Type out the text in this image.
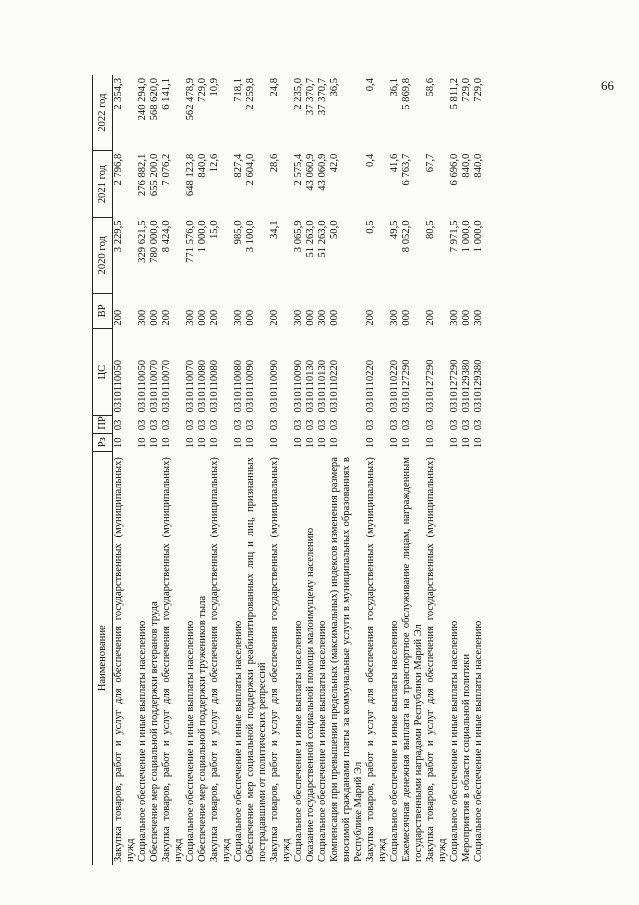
66
Наименование	Рз	ПР	ЦС	ВР	2020 год	2021 год	2022 год
Закупка товаров, работ и услуг для обеспечения государственных (муниципальных) нужд	10	03	0310110050	200	3 229,5	2 796,8	2 354,3
Социальное обеспечение и иные выплаты населению	10	03	0310110050	300	329 621,5	276 882,1	240 294,0
Обеспечение мер социальной поддержки ветеранов труда	10	03	0310110070	000	780 000,0	655 200,0	568 620,0
Закупка товаров, работ и услуг для обеспечения государственных (муниципальных) нужд	10	03	0310110070	200	8 424,0	7 076,2	6 141,1
Социальное обеспечение и иные выплаты населению	10	03	0310110070	300	771 576,0	648 123,8	562 478,9
Обеспечение мер социальной поддержки тружеников тыла	10	03	0310110080	000	1 000,0	840,0	729,0
Закупка товаров, работ и услуг для обеспечения государственных (муниципальных) нужд	10	03	0310110080	200	15,0	12,6	10,9
Социальное обеспечение и иные выплаты населению	10	03	0310110080	300	985,0	827,4	718,1
Обеспечение мер социальной поддержки реабилитированных лиц и лиц, признанных пострадавшими от политических репрессий	10	03	0310110090	000	3 100,0	2 604,0	2 259,8
Закупка товаров, работ и услуг для обеспечения государственных (муниципальных) нужд	10	03	0310110090	200	34,1	28,6	24,8
Социальное обеспечение и иные выплаты населению	10	03	0310110090	300	3 065,9	2 575,4	2 235,0
Оказание государственной социальной помощи малоимущему населению	10	03	0310110130	000	51 263,0	43 060,9	37 370,7
Социальное обеспечение и иные выплаты населению	10	03	0310110130	300	51 263,0	43 060,9	37 370,7
Компенсация при превышении предельных (максимальных) индексов изменения размера вносимой гражданами платы за коммунальные услуги в муниципальных образованиях в Республике Марий Эл	10	03	0310110220	000	50,0	42,0	36,5
Закупка товаров, работ и услуг для обеспечения государственных (муниципальных) нужд	10	03	0310110220	200	0,5	0,4	0,4
Социальное обеспечение и иные выплаты населению	10	03	0310110220	300	49,5	41,6	36,1
Ежемесячная денежная выплата на транспортное обслуживание лицам, награжденным государственными наградами Республики Марий Эл	10	03	0310127290	000	8 052,0	6 763,7	5 869,8
Закупка товаров, работ и услуг для обеспечения государственных (муниципальных) нужд	10	03	0310127290	200	80,5	67,7	58,6
Социальное обеспечение и иные выплаты населению	10	03	0310127290	300	7 971,5	6 696,0	5 811,2
Мероприятия в области социальной политики	10	03	0310129380	000	1 000,0	840,0	729,0
Социальное обеспечение и иные выплаты населению	10	03	0310129380	300	1 000,0	840,0	729,0
